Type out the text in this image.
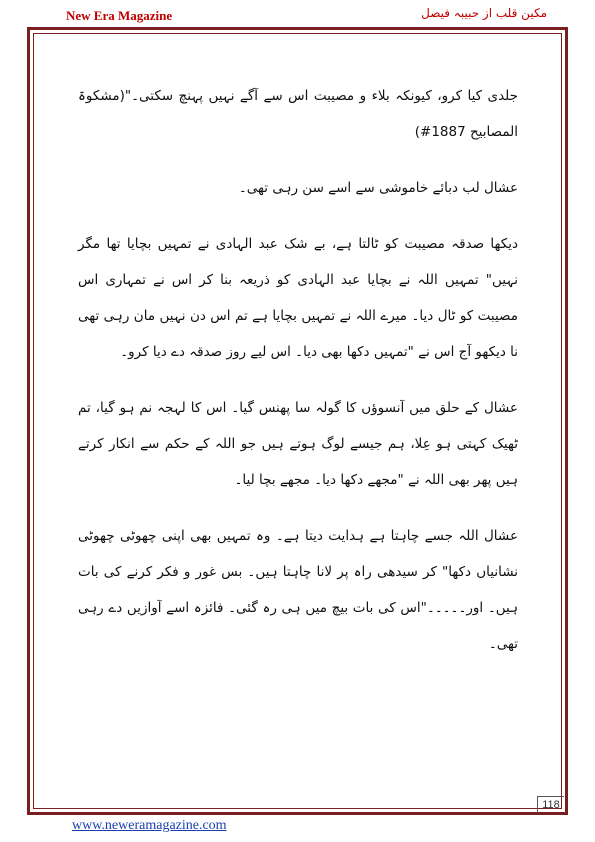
New Era Magazine	مکین قلب از حبیبہ فیصل

جلدی کیا کرو، کیونکہ بلاء و مصیبت اس سے آگے نہیں پہنچ سکتی۔"(مشکوۃ المصابیح 1887#)

عشال لب دبائے خاموشی سے اسے سن رہی تھی۔

دیکھا صدقہ مصیبت کو ٹالتا ہے، بے شک عبد الہادی نے تمہیں بچایا تھا مگر نہیں" تمہیں اللہ نے بچایا عبد الہادی کو ذریعہ بنا کر اس نے تمہاری اس مصیبت کو ٹال دیا۔ میرے اللہ نے تمہیں بچایا ہے تم اس دن نہیں مان رہی تھی نا دیکھو آج اس نے "تمہیں دکھا بھی دیا۔ اس لیے روز صدقہ دے دیا کرو۔

عشال کے حلق میں آنسوؤں کا گولہ سا پھنس گیا۔ اس کا لہجہ نم ہو گیا، تم ٹھیک کہتی ہو عِلا، ہم جیسے لوگ ہوتے ہیں جو اللہ کے حکم سے انکار کرتے ہیں پھر بھی اللہ نے "مجھے دکھا دیا۔ مجھے بچا لیا۔

عشال اللہ جسے چاہتا ہے ہدایت دیتا ہے۔ وہ تمہیں بھی اپنی چھوٹی چھوٹی نشانیاں دکھا" کر سیدھی راہ پر لانا چاہتا ہیں۔ بس غور و فکر کرنے کی بات ہیں۔ اور۔۔۔۔۔"اس کی بات بیچ میں ہی رہ گئی۔ فائزہ اسے آوازیں دے رہی تھی۔

118
www.neweramagazine.com
